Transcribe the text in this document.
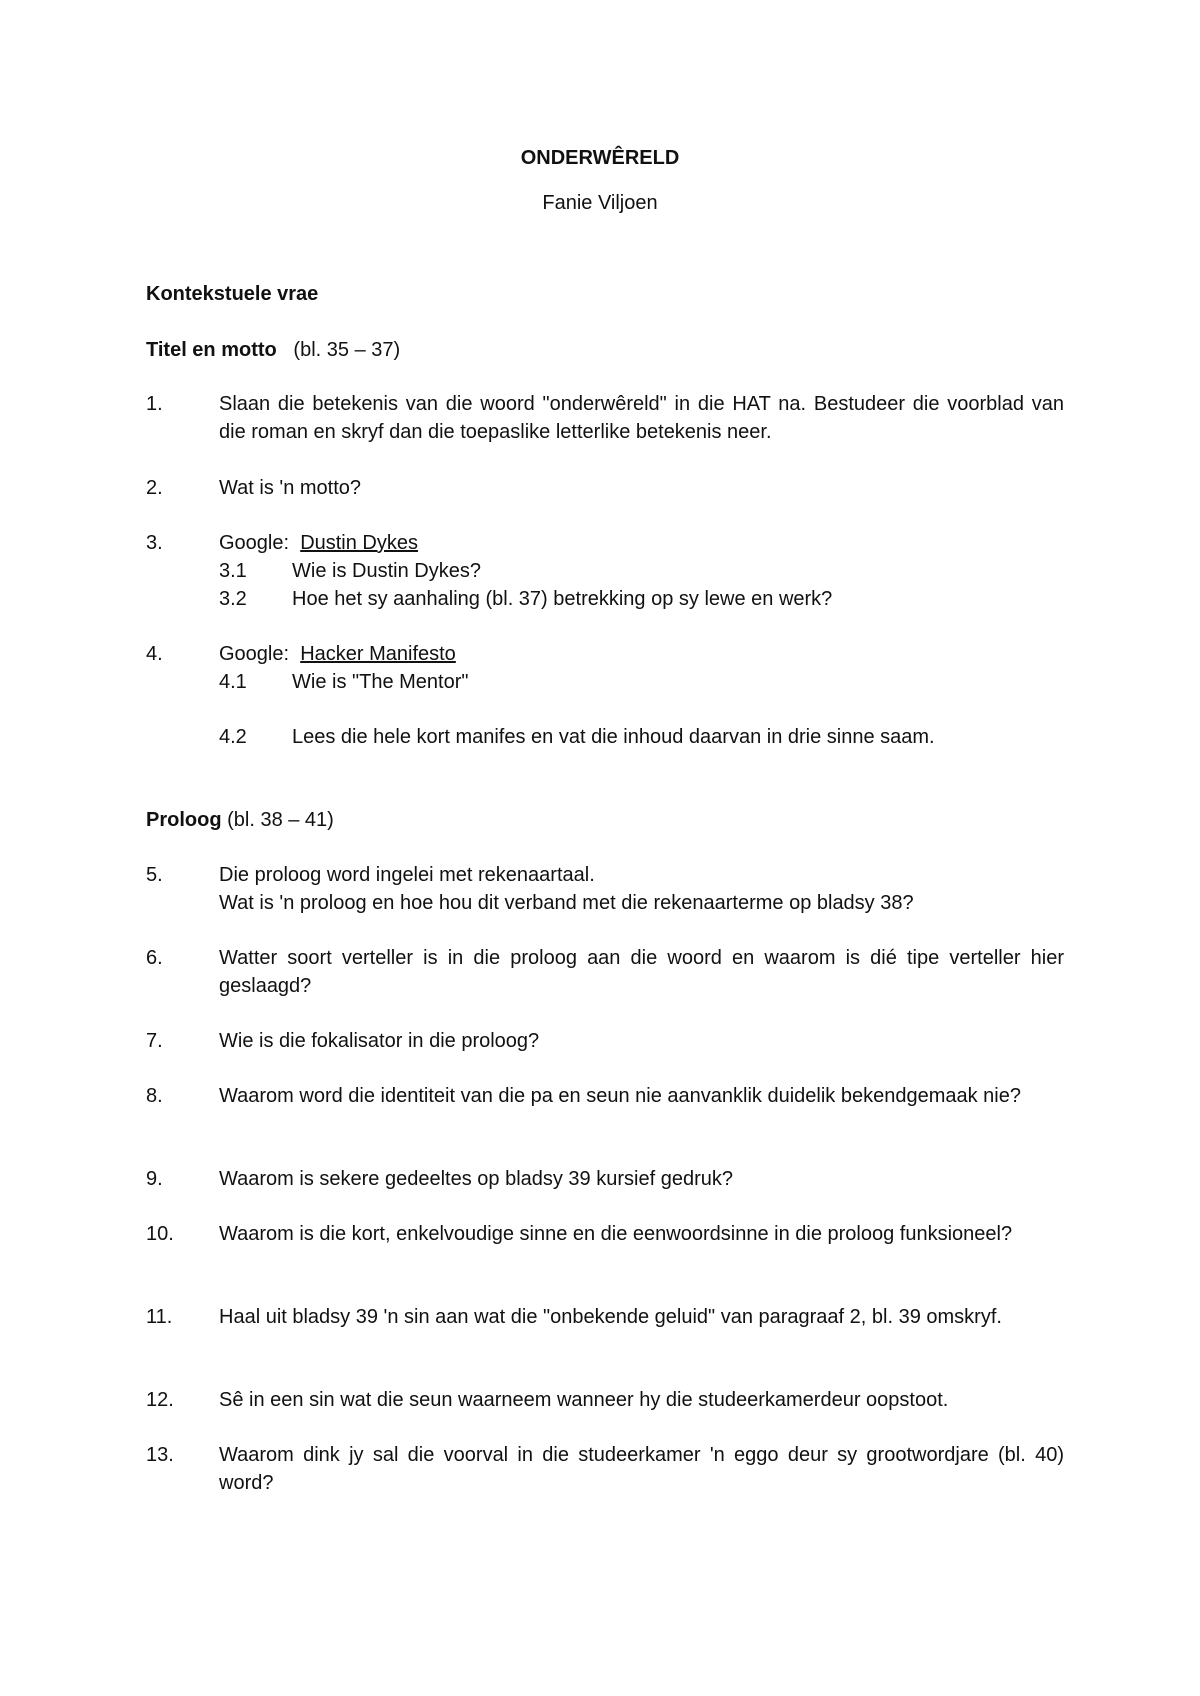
ONDERWÊRELD
Fanie Viljoen
Kontekstuele vrae
Titel en motto (bl. 35 – 37)
1.	Slaan die betekenis van die woord "onderwêreld" in die HAT na. Bestudeer die voorblad van die roman en skryf dan die toepaslike letterlike betekenis neer.
2.	Wat is 'n motto?
3.	Google: Dustin Dykes
3.1 Wie is Dustin Dykes?
3.2 Hoe het sy aanhaling (bl. 37) betrekking op sy lewe en werk?
4.	Google: Hacker Manifesto
4.1 Wie is "The Mentor"
4.2 Lees die hele kort manifes en vat die inhoud daarvan in drie sinne saam.
Proloog (bl. 38 – 41)
5.	Die proloog word ingelei met rekenaartaal.
Wat is 'n proloog en hoe hou dit verband met die rekenaarterme op bladsy 38?
6.	Watter soort verteller is in die proloog aan die woord en waarom is dié tipe verteller hier geslaagd?
7.	Wie is die fokalisator in die proloog?
8.	Waarom word die identiteit van die pa en seun nie aanvanklik duidelik bekendgemaak nie?
9.	Waarom is sekere gedeeltes op bladsy 39 kursief gedruk?
10. Waarom is die kort, enkelvoudige sinne en die eenwoordsinne in die proloog funksioneel?
11. Haal uit bladsy 39 'n sin aan wat die "onbekende geluid" van paragraaf 2, bl. 39 omskryf.
12. Sê in een sin wat die seun waarneem wanneer hy die studeerkamerdeur oopstoot.
13. Waarom dink jy sal die voorval in die studeerkamer 'n eggo deur sy grootwordjare (bl. 40) word?
